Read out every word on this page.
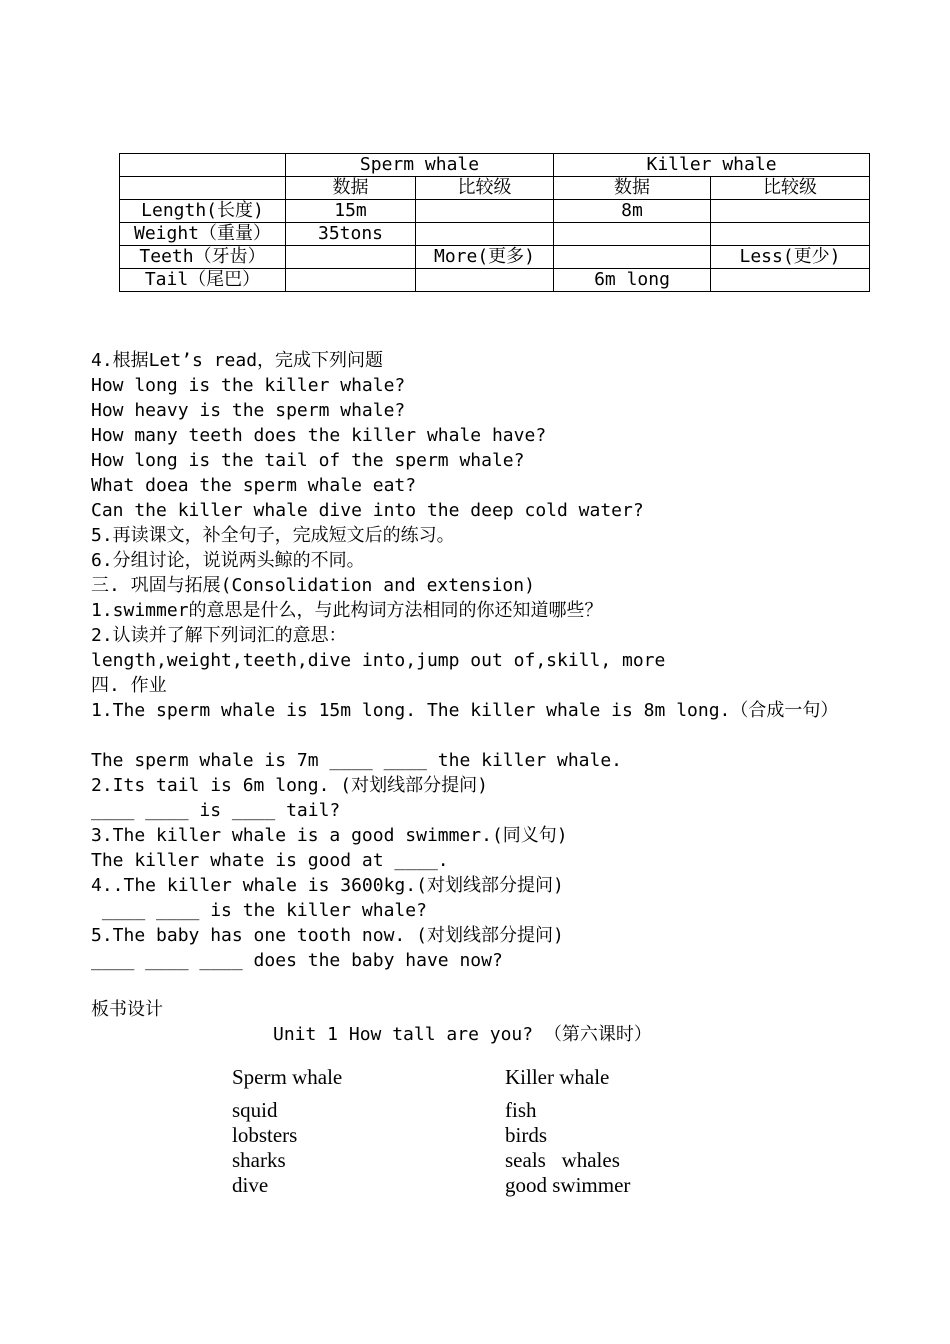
	Sperm whale		Killer whale	
	数据	比较级	数据	比较级
Length(长度)	15m		8m	
Weight（重量）	35tons			
Teeth（牙齿）		More(更多)		Less(更少)
Tail（尾巴）			6m long	

4.根据Let’s read，完成下列问题

How long is the killer whale?

How heavy is the sperm whale?

How many teeth does the killer whale have?

How long is the tail of the sperm whale?

What doea the sperm whale eat?

Can the killer whale dive into the deep cold water?

5.再读课文，补全句子，完成短文后的练习。

6.分组讨论，说说两头鲸的不同。

三. 巩固与拓展(Consolidation and extension)

1.swimmer的意思是什么，与此构词方法相同的你还知道哪些？

2.认读并了解下列词汇的意思：

length,weight,teeth,dive into,jump out of,skill, more

四. 作业

1.The sperm whale is 15m long. The killer whale is 8m long.（合成一句）

The sperm whale is 7m ____ ____ the killer whale.

2.Its tail is 6m long. (对划线部分提问)

____ ____ is ____ tail?

3.The killer whale is a good swimmer.(同义句)

The killer whate is good at ____.

4..The killer whale is 3600kg.(对划线部分提问)

____ ____ is the killer whale?

5.The baby has one tooth now. (对划线部分提问)

____ ____ ____ does the baby have now?

板书设计

Unit 1 How tall are you? （第六课时）

Sperm whale

squid

lobsters

sharks

dive

Killer whale

fish

birds

seals   whales

good swimmer
